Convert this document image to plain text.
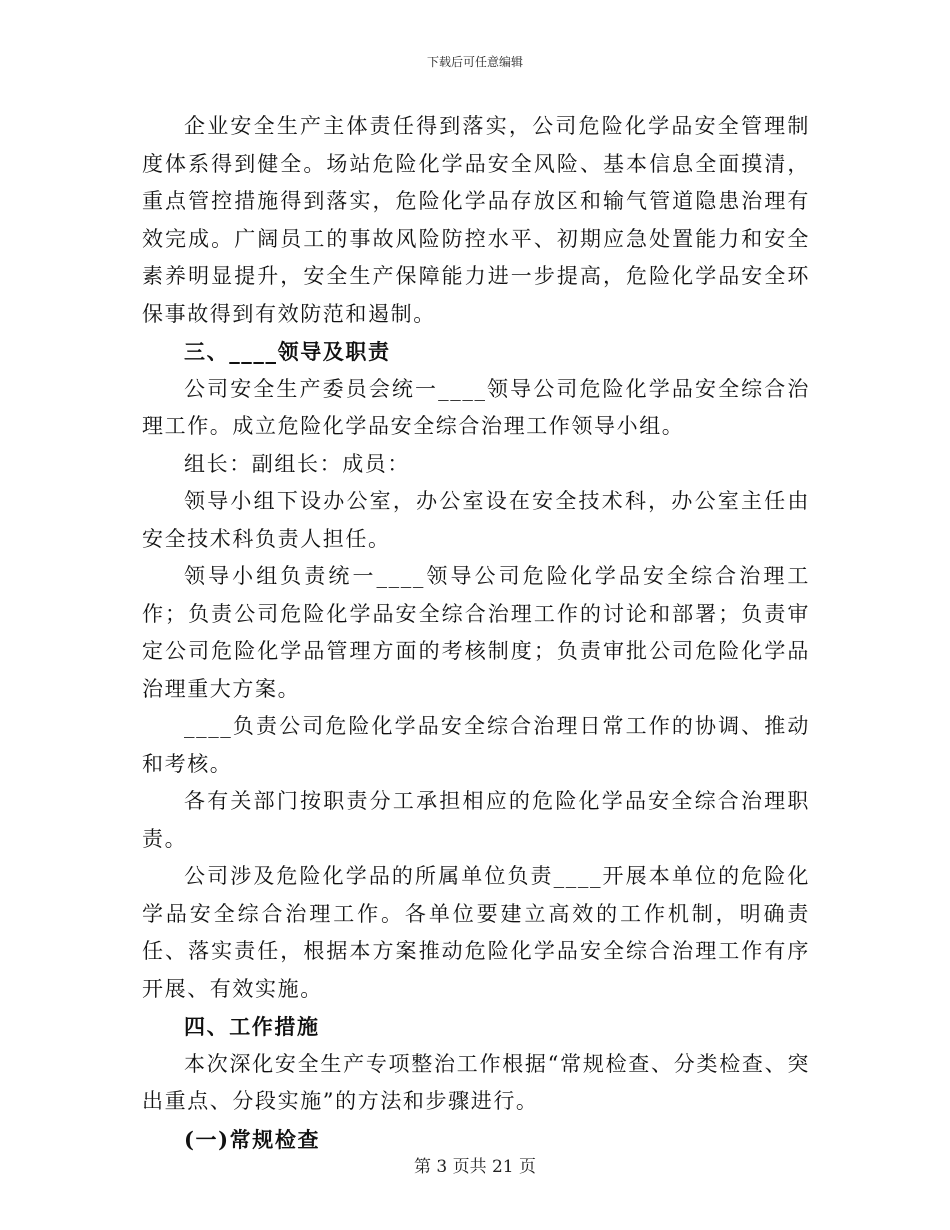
下载后可任意编辑

企业安全生产主体责任得到落实，公司危险化学品安全管理制度体系得到健全。场站危险化学品安全风险、基本信息全面摸清，重点管控措施得到落实，危险化学品存放区和输气管道隐患治理有效完成。广阔员工的事故风险防控水平、初期应急处置能力和安全素养明显提升，安全生产保障能力进一步提高，危险化学品安全环保事故得到有效防范和遏制。

三、____领导及职责

公司安全生产委员会统一____领导公司危险化学品安全综合治理工作。成立危险化学品安全综合治理工作领导小组。

组长：副组长：成员：

领导小组下设办公室，办公室设在安全技术科，办公室主任由安全技术科负责人担任。

领导小组负责统一____领导公司危险化学品安全综合治理工作；负责公司危险化学品安全综合治理工作的讨论和部署；负责审定公司危险化学品管理方面的考核制度；负责审批公司危险化学品治理重大方案。

____负责公司危险化学品安全综合治理日常工作的协调、推动和考核。

各有关部门按职责分工承担相应的危险化学品安全综合治理职责。

公司涉及危险化学品的所属单位负责____开展本单位的危险化学品安全综合治理工作。各单位要建立高效的工作机制，明确责任、落实责任，根据本方案推动危险化学品安全综合治理工作有序开展、有效实施。

四、工作措施

本次深化安全生产专项整治工作根据“常规检查、分类检查、突出重点、分段实施”的方法和步骤进行。

(一)常规检查
第 3 页共 21 页
